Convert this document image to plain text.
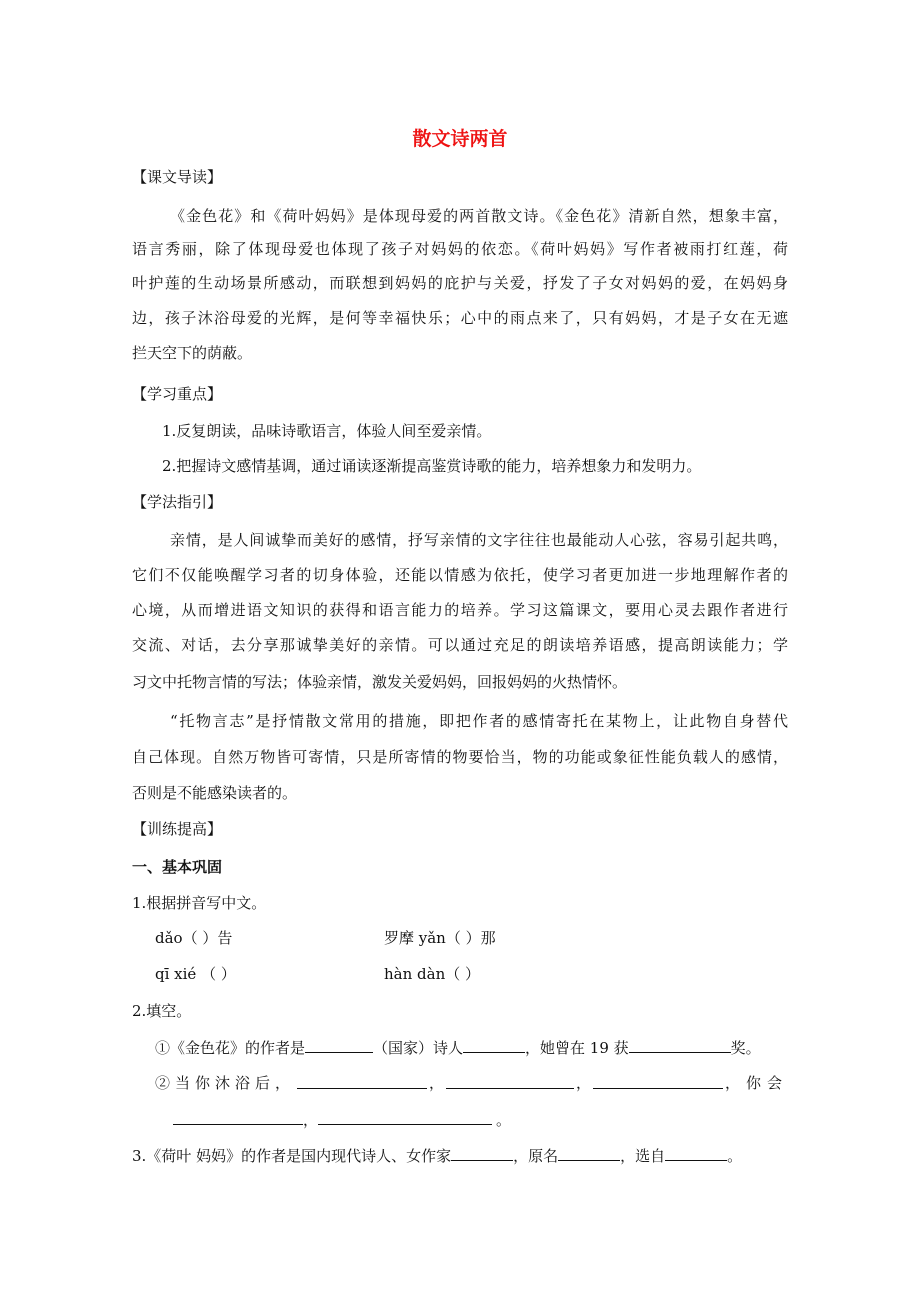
散文诗两首
【课文导读】
《金色花》和《荷叶妈妈》是体现母爱的两首散文诗。《金色花》清新自然，想象丰富，
语言秀丽，除了体现母爱也体现了孩子对妈妈的依恋。《荷叶妈妈》写作者被雨打红莲，荷
叶护莲的生动场景所感动，而联想到妈妈的庇护与关爱，抒发了子女对妈妈的爱，在妈妈身
边，孩子沐浴母爱的光辉，是何等幸福快乐；心中的雨点来了，只有妈妈，才是子女在无遮
拦天空下的荫蔽。
【学习重点】
1.反复朗读，品味诗歌语言，体验人间至爱亲情。
2.把握诗文感情基调，通过诵读逐渐提高鉴赏诗歌的能力，培养想象力和发明力。
【学法指引】
亲情，是人间诚挚而美好的感情，抒写亲情的文字往往也最能动人心弦，容易引起共鸣，
它们不仅能唤醒学习者的切身体验，还能以情感为依托，使学习者更加进一步地理解作者的
心境，从而增进语文知识的获得和语言能力的培养。学习这篇课文，要用心灵去跟作者进行
交流、对话，去分享那诚挚美好的亲情。可以通过充足的朗读培养语感，提高朗读能力；学
习文中托物言情的写法；体验亲情，激发关爱妈妈，回报妈妈的火热情怀。
“托物言志”是抒情散文常用的措施，即把作者的感情寄托在某物上，让此物自身替代
自己体现。自然万物皆可寄情，只是所寄情的物要恰当，物的功能或象征性能负载人的感情，
否则是不能感染读者的。
【训练提高】
一、基本巩固
1.根据拼音写中文。
dǎo（ ）告	罗摩 yǎn（ ）那
qī xié （ ）	hàn dàn（ ）
2.填空。
①《金色花》的作者是	（国家）诗人	，她曾在 19 获	奖。
②当你沐浴后，	，	，	，你会
，	。
3.《荷叶 妈妈》的作者是国内现代诗人、女作家	，原名	，选自	。
